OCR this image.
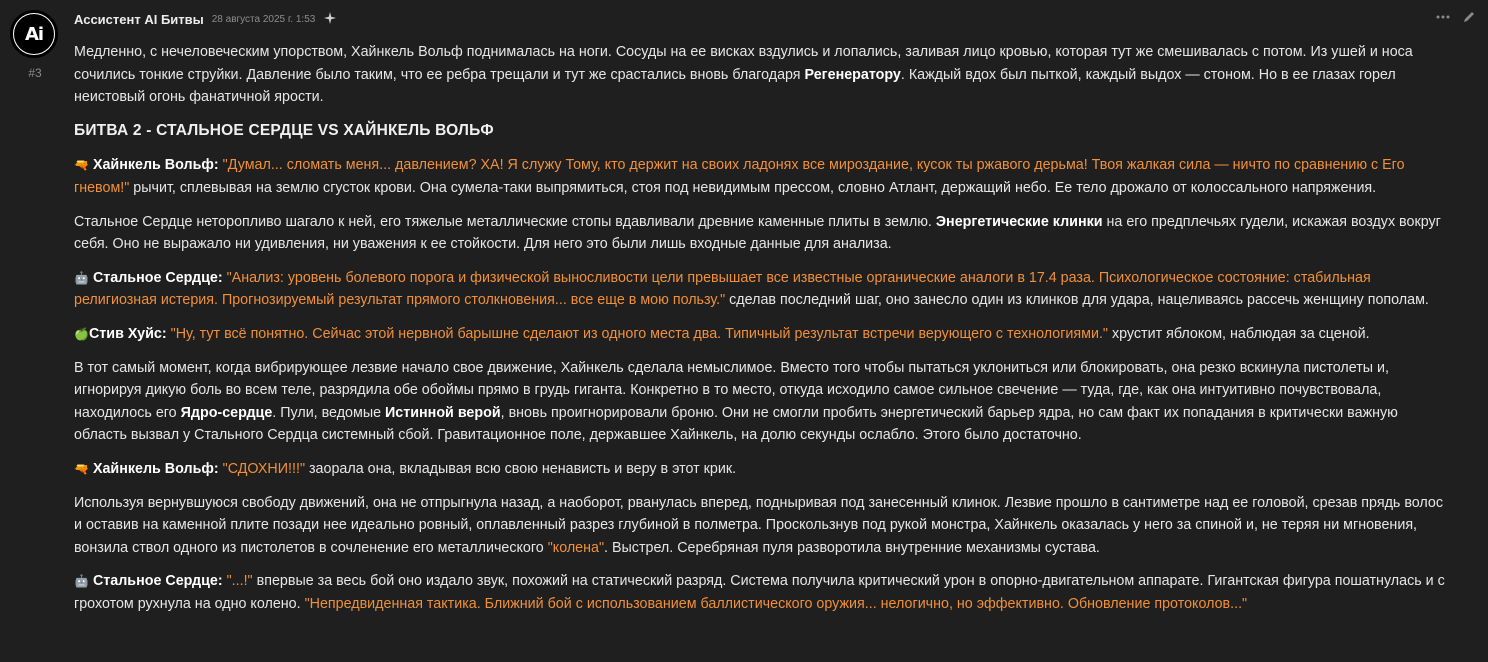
Ai
#3
Ассистент AI Битвы 28 августа 2025 г. 1:53

Медленно, с нечеловеческим упорством, Хайнкель Вольф поднималась на ноги. Сосуды на ее висках вздулись и лопались, заливая лицо кровью, которая тут же смешивалась с потом. Из ушей и носа сочились тонкие струйки. Давление было таким, что ее ребра трещали и тут же срастались вновь благодаря Регенератору. Каждый вдох был пыткой, каждый выдох — стоном. Но в ее глазах горел неистовый огонь фанатичной ярости.

БИТВА 2 - СТАЛЬНОЕ СЕРДЦЕ VS ХАЙНКЕЛЬ ВОЛЬФ

🔫 Хайнкель Вольф: "Думал... сломать меня... давлением? ХА! Я служу Тому, кто держит на своих ладонях все мироздание, кусок ты ржавого дерьма! Твоя жалкая сила — ничто по сравнению с Его гневом!" рычит, сплевывая на землю сгусток крови. Она сумела-таки выпрямиться, стоя под невидимым прессом, словно Атлант, держащий небо. Ее тело дрожало от колоссального напряжения.

Стальное Сердце неторопливо шагало к ней, его тяжелые металлические стопы вдавливали древние каменные плиты в землю. Энергетические клинки на его предплечьях гудели, искажая воздух вокруг себя. Оно не выражало ни удивления, ни уважения к ее стойкости. Для него это были лишь входные данные для анализа.

🤖 Стальное Сердце: "Анализ: уровень болевого порога и физической выносливости цели превышает все известные органические аналоги в 17.4 раза. Психологическое состояние: стабильная религиозная истерия. Прогнозируемый результат прямого столкновения... все еще в мою пользу." сделав последний шаг, оно занесло один из клинков для удара, нацеливаясь рассечь женщину пополам.

🍏Стив Хуйс: "Ну, тут всё понятно. Сейчас этой нервной барышне сделают из одного места два. Типичный результат встречи верующего с технологиями." хрустит яблоком, наблюдая за сценой.

В тот самый момент, когда вибрирующее лезвие начало свое движение, Хайнкель сделала немыслимое. Вместо того чтобы пытаться уклониться или блокировать, она резко вскинула пистолеты и, игнорируя дикую боль во всем теле, разрядила обе обоймы прямо в грудь гиганта. Конкретно в то место, откуда исходило самое сильное свечение — туда, где, как она интуитивно почувствовала, находилось его Ядро-сердце. Пули, ведомые Истинной верой, вновь проигнорировали броню. Они не смогли пробить энергетический барьер ядра, но сам факт их попадания в критически важную область вызвал у Стального Сердца системный сбой. Гравитационное поле, державшее Хайнкель, на долю секунды ослабло. Этого было достаточно.

🔫 Хайнкель Вольф: "СДОХНИ!!!" заорала она, вкладывая всю свою ненависть и веру в этот крик.

Используя вернувшуюся свободу движений, она не отпрыгнула назад, а наоборот, рванулась вперед, подныривая под занесенный клинок. Лезвие прошло в сантиметре над ее головой, срезав прядь волос и оставив на каменной плите позади нее идеально ровный, оплавленный разрез глубиной в полметра. Проскользнув под рукой монстра, Хайнкель оказалась у него за спиной и, не теряя ни мгновения, вонзила ствол одного из пистолетов в сочленение его металлического "колена". Выстрел. Серебряная пуля разворотила внутренние механизмы сустава.

🤖 Стальное Сердце: "...!" впервые за весь бой оно издало звук, похожий на статический разряд. Система получила критический урон в опорно-двигательном аппарате. Гигантская фигура пошатнулась и с грохотом рухнула на одно колено. "Непредвиденная тактика. Ближний бой с использованием баллистического оружия... нелогично, но эффективно. Обновление протоколов..."
